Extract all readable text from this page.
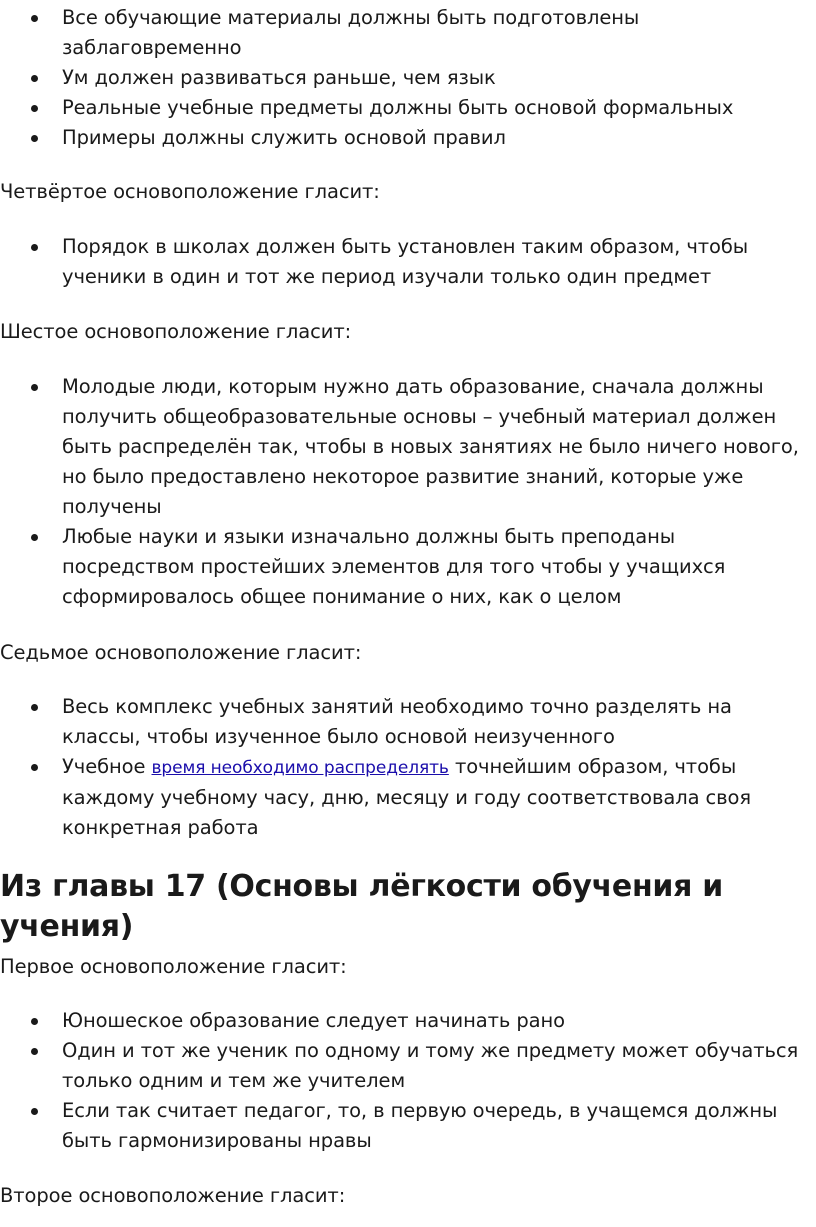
Все обучающие материалы должны быть подготовлены заблаговременно
Ум должен развиваться раньше, чем язык
Реальные учебные предметы должны быть основой формальных
Примеры должны служить основой правил

Четвёртое основоположение гласит:

Порядок в школах должен быть установлен таким образом, чтобы ученики в один и тот же период изучали только один предмет

Шестое основоположение гласит:

Молодые люди, которым нужно дать образование, сначала должны получить общеобразовательные основы – учебный материал должен быть распределён так, чтобы в новых занятиях не было ничего нового, но было предоставлено некоторое развитие знаний, которые уже получены
Любые науки и языки изначально должны быть преподаны посредством простейших элементов для того чтобы у учащихся сформировалось общее понимание о них, как о целом

Седьмое основоположение гласит:

Весь комплекс учебных занятий необходимо точно разделять на классы, чтобы изученное было основой неизученного
Учебное время необходимо распределять точнейшим образом, чтобы каждому учебному часу, дню, месяцу и году соответствовала своя конкретная работа
Из главы 17 (Основы лёгкости обучения и учения)

Первое основоположение гласит:

Юношеское образование следует начинать рано
Один и тот же ученик по одному и тому же предмету может обучаться только одним и тем же учителем
Если так считает педагог, то, в первую очередь, в учащемся должны быть гармонизированы нравы

Второе основоположение гласит:
